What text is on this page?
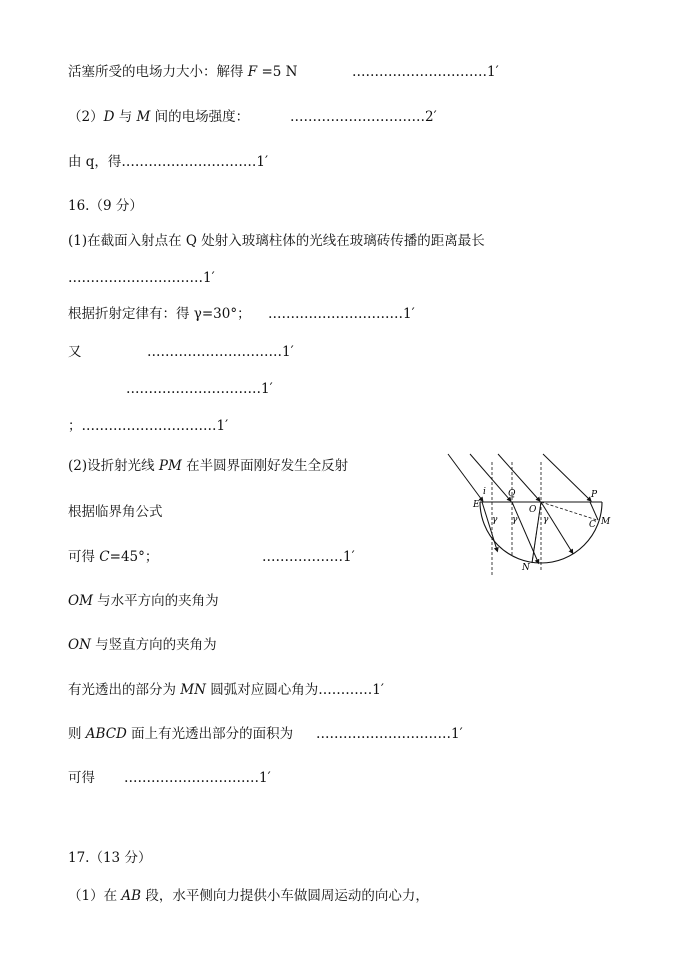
活塞所受的电场力大小：解得 F =5 N	…………………………1′
（2）D 与 M 间的电场强度：	…………………………2′
由 q，得…………………………1′
16.（9 分）
(1)在截面入射点在 Q 处射入玻璃柱体的光线在玻璃砖传播的距离最长
…………………………1′
根据折射定律有：得 γ=30°； …………………………1′
又	…………………………1′
…………………………1′
；…………………………1′
(2)设折射光线 PM 在半圆界面刚好发生全反射
根据临界角公式
可得 C=45°；	………………1′
OM 与水平方向的夹角为
ON 与竖直方向的夹角为
有光透出的部分为 MN 圆弧对应圆心角为…………1′
则 ABCD 面上有光透出部分的面积为 …………………………1′
可得 …………………………1′
17.（13 分）
（1）在 AB 段，水平侧向力提供小车做圆周运动的向心力，
E
i Q
O
P
γ γ	γ	C M
N
